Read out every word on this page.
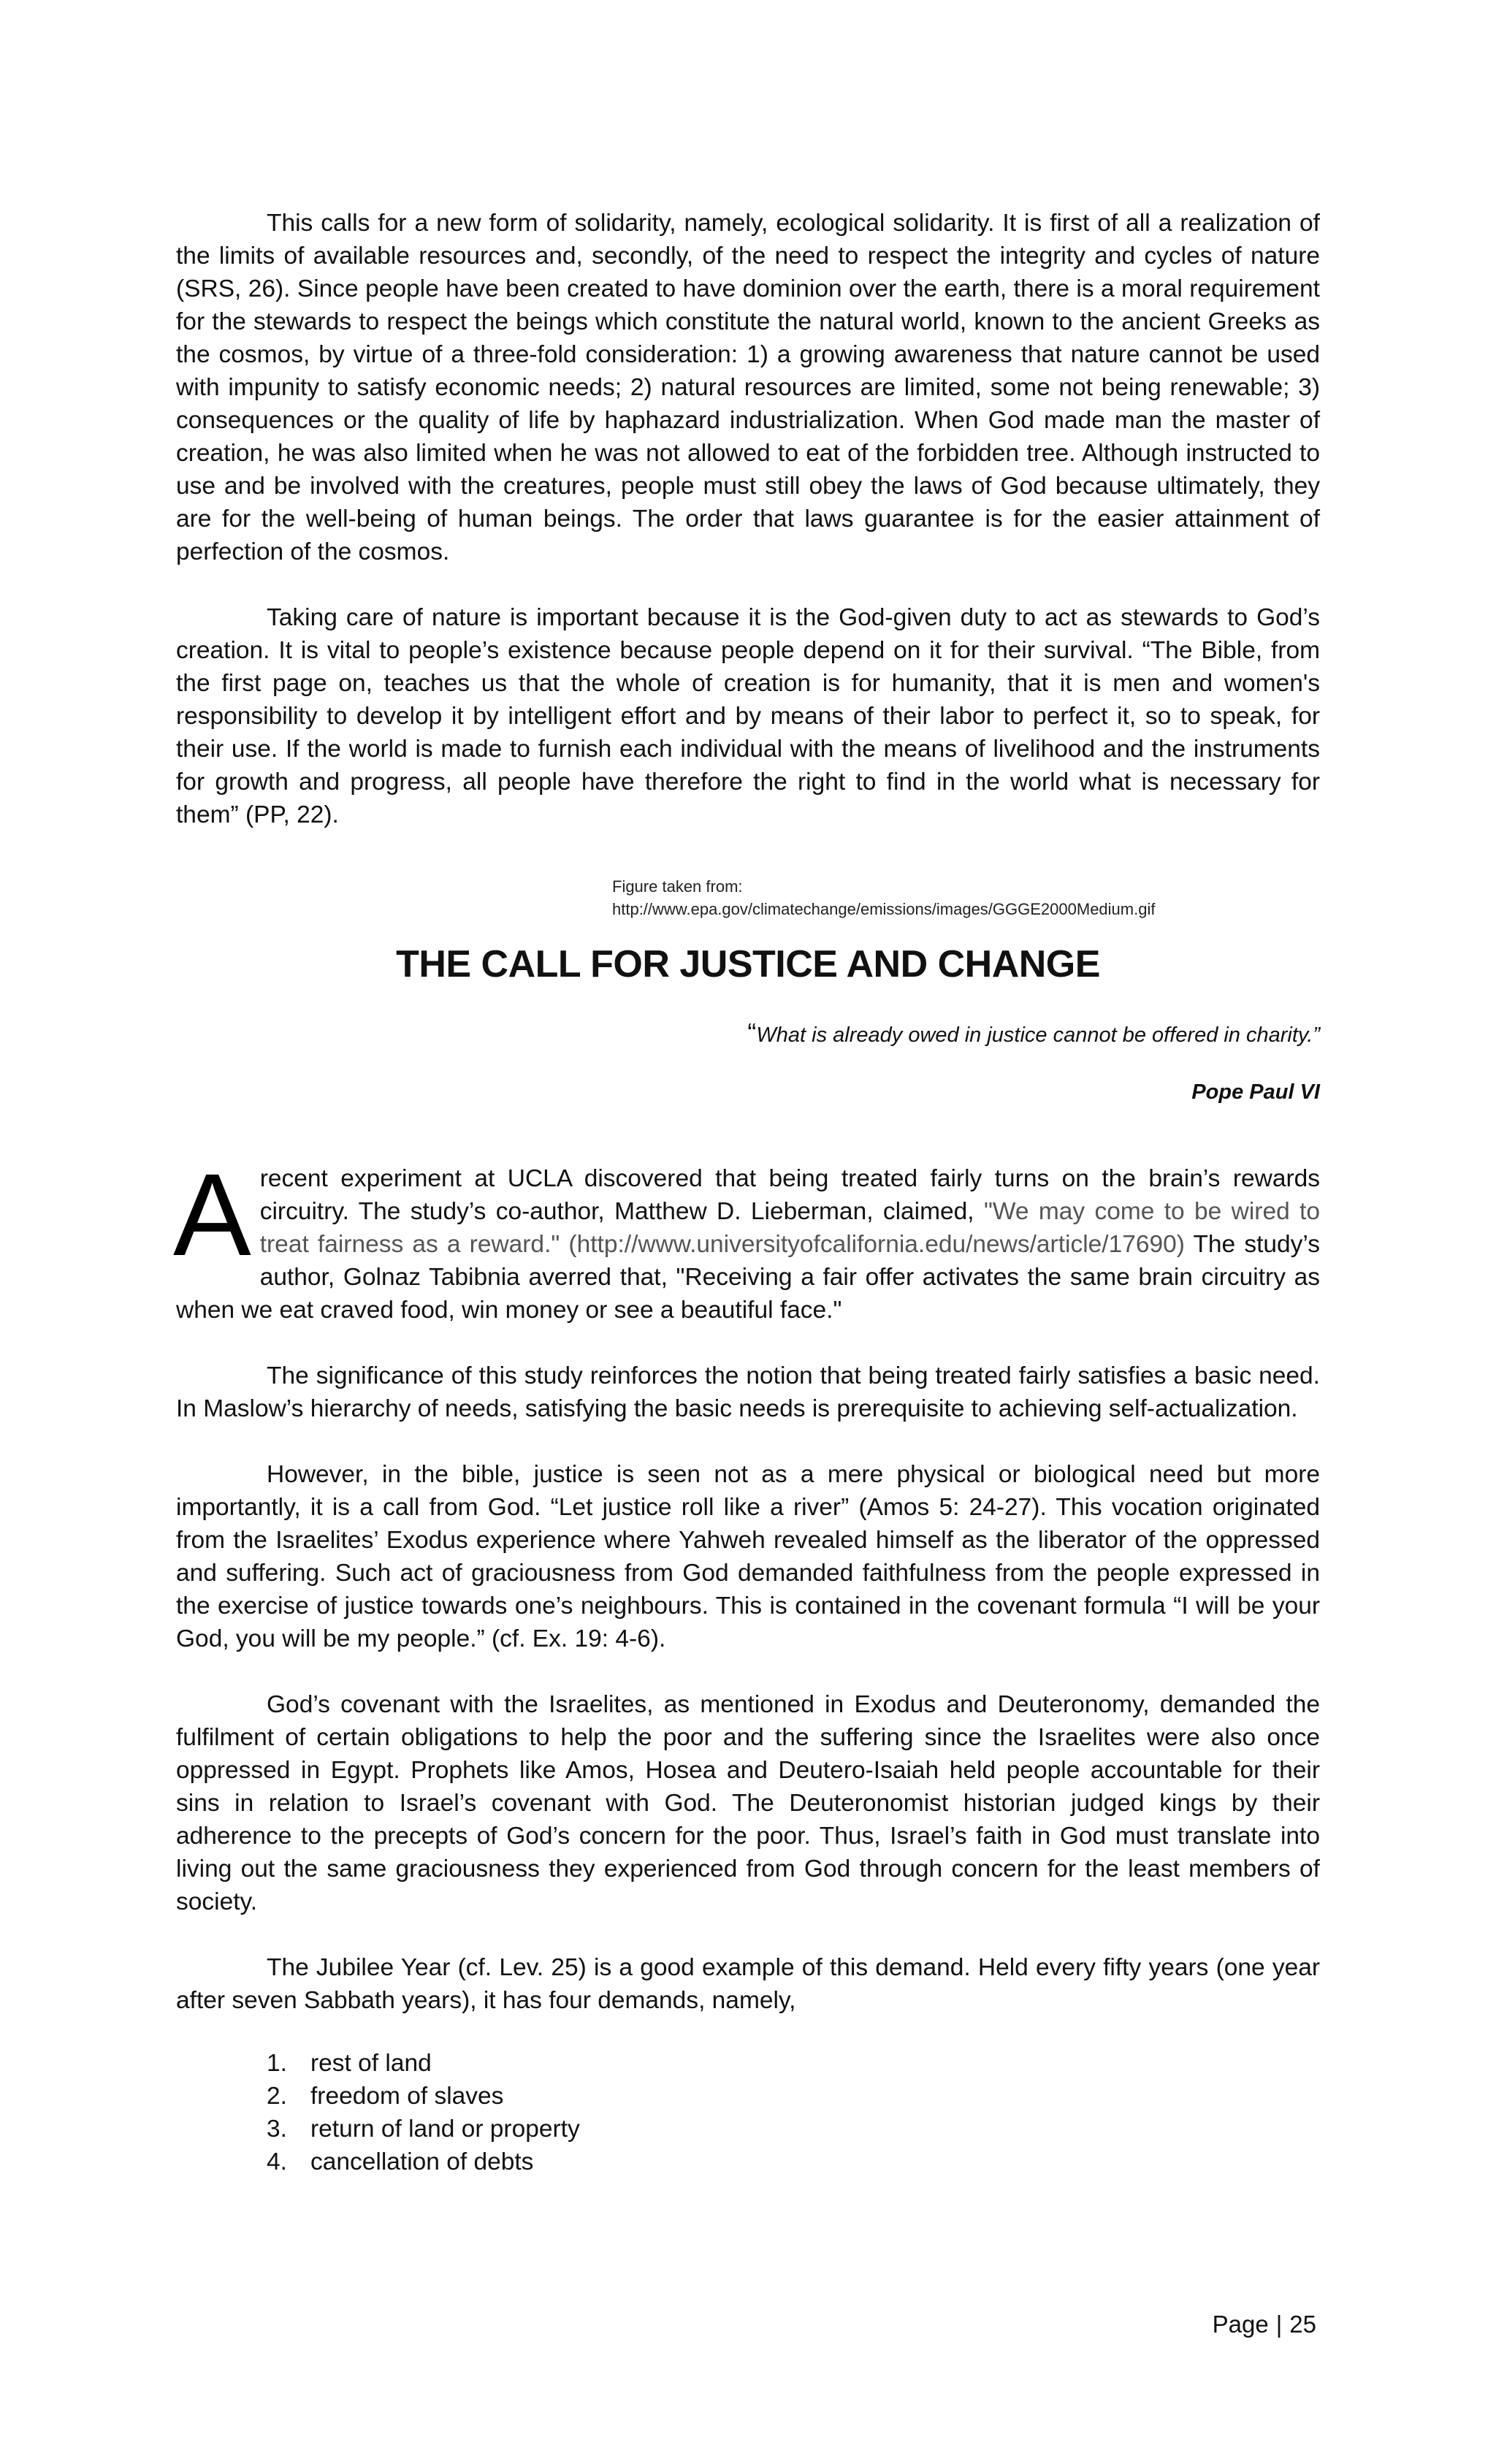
This calls for a new form of solidarity, namely, ecological solidarity. It is first of all a realization of the limits of available resources and, secondly, of the need to respect the integrity and cycles of nature (SRS, 26). Since people have been created to have dominion over the earth, there is a moral requirement for the stewards to respect the beings which constitute the natural world, known to the ancient Greeks as the cosmos, by virtue of a three-fold consideration: 1) a growing awareness that nature cannot be used with impunity to satisfy economic needs; 2) natural resources are limited, some not being renewable; 3) consequences or the quality of life by haphazard industrialization. When God made man the master of creation, he was also limited when he was not allowed to eat of the forbidden tree. Although instructed to use and be involved with the creatures, people must still obey the laws of God because ultimately, they are for the well-being of human beings. The order that laws guarantee is for the easier attainment of perfection of the cosmos.

Taking care of nature is important because it is the God-given duty to act as stewards to God’s creation. It is vital to people’s existence because people depend on it for their survival. “The Bible, from the first page on, teaches us that the whole of creation is for humanity, that it is men and women's responsibility to develop it by intelligent effort and by means of their labor to perfect it, so to speak, for their use. If the world is made to furnish each individual with the means of livelihood and the instruments for growth and progress, all people have therefore the right to find in the world what is necessary for them” (PP, 22).

Figure taken from:
http://www.epa.gov/climatechange/emissions/images/GGGE2000Medium.gif
THE CALL FOR JUSTICE AND CHANGE
“What is already owed in justice cannot be offered in charity.”
Pope Paul VI

Arecent experiment at UCLA discovered that being treated fairly turns on the brain’s rewards circuitry. The study’s co-author, Matthew D. Lieberman, claimed, "We may come to be wired to treat fairness as a reward." (http://www.universityofcalifornia.edu/news/article/17690) The study’s author, Golnaz Tabibnia averred that, "Receiving a fair offer activates the same brain circuitry as when we eat craved food, win money or see a beautiful face."

The significance of this study reinforces the notion that being treated fairly satisfies a basic need. In Maslow’s hierarchy of needs, satisfying the basic needs is prerequisite to achieving self-actualization.

However, in the bible, justice is seen not as a mere physical or biological need but more importantly, it is a call from God. “Let justice roll like a river” (Amos 5: 24-27). This vocation originated from the Israelites’ Exodus experience where Yahweh revealed himself as the liberator of the oppressed and suffering. Such act of graciousness from God demanded faithfulness from the people expressed in the exercise of justice towards one’s neighbours. This is contained in the covenant formula “I will be your God, you will be my people.” (cf. Ex. 19: 4-6).

God’s covenant with the Israelites, as mentioned in Exodus and Deuteronomy, demanded the fulfilment of certain obligations to help the poor and the suffering since the Israelites were also once oppressed in Egypt. Prophets like Amos, Hosea and Deutero-Isaiah held people accountable for their sins in relation to Israel’s covenant with God. The Deuteronomist historian judged kings by their adherence to the precepts of God’s concern for the poor. Thus, Israel’s faith in God must translate into living out the same graciousness they experienced from God through concern for the least members of society.

The Jubilee Year (cf. Lev. 25) is a good example of this demand. Held every fifty years (one year after seven Sabbath years), it has four demands, namely,

1. rest of land
2. freedom of slaves
3. return of land or property
4. cancellation of debts
Page | 25
